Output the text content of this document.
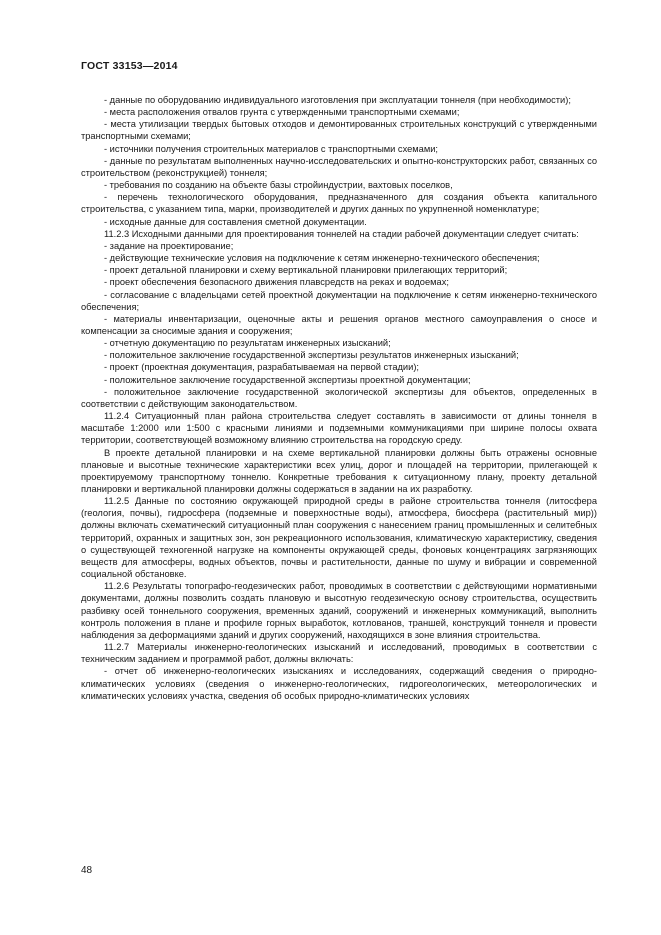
ГОСТ 33153—2014

- данные по оборудованию индивидуального изготовления при эксплуатации тоннеля (при необходимости);

- места расположения отвалов грунта с утвержденными транспортными схемами;

- места утилизации твердых бытовых отходов и демонтированных строительных конструкций с утвержденными транспортными схемами;

- источники получения строительных материалов с транспортными схемами;

- данные по результатам выполненных научно-исследовательских и опытно-конструкторских работ, связанных со строительством (реконструкцией) тоннеля;

- требования по созданию на объекте базы стройиндустрии, вахтовых поселков,

- перечень технологического оборудования, предназначенного для создания объекта капитального строительства, с указанием типа, марки, производителей и других данных по укрупненной номенклатуре;

- исходные данные для составления сметной документации.

11.2.3 Исходными данными для проектирования тоннелей на стадии рабочей документации следует считать:

- задание на проектирование;

- действующие технические условия на подключение к сетям инженерно-технического обеспечения;

- проект детальной планировки и схему вертикальной планировки прилегающих территорий;

- проект обеспечения безопасного движения плавсредств на реках и водоемах;

- согласование с владельцами сетей проектной документации на подключение к сетям инженерно-технического обеспечения;

- материалы инвентаризации, оценочные акты и решения органов местного самоуправления о сносе и компенсации за сносимые здания и сооружения;

- отчетную документацию по результатам инженерных изысканий;

- положительное заключение государственной экспертизы результатов инженерных изысканий;

- проект (проектная документация, разрабатываемая на первой стадии);

- положительное заключение государственной экспертизы проектной документации;

- положительное заключение государственной экологической экспертизы для объектов, определенных в соответствии с действующим законодательством.

11.2.4 Ситуационный план района строительства следует составлять в зависимости от длины тоннеля в масштабе 1:2000 или 1:500 с красными линиями и подземными коммуникациями при ширине полосы охвата территории, соответствующей возможному влиянию строительства на городскую среду.

В проекте детальной планировки и на схеме вертикальной планировки должны быть отражены основные плановые и высотные технические характеристики всех улиц, дорог и площадей на территории, прилегающей к проектируемому транспортному тоннелю. Конкретные требования к ситуационному плану, проекту детальной планировки и вертикальной планировки должны содержаться в задании на их разработку.

11.2.5 Данные по состоянию окружающей природной среды в районе строительства тоннеля (литосфера (геология, почвы), гидросфера (подземные и поверхностные воды), атмосфера, биосфера (растительный мир)) должны включать схематический ситуационный план сооружения с нанесением границ промышленных и селитебных территорий, охранных и защитных зон, зон рекреационного использования, климатическую характеристику, сведения о существующей техногенной нагрузке на компоненты окружающей среды, фоновых концентрациях загрязняющих веществ для атмосферы, водных объектов, почвы и растительности, данные по шуму и вибрации и современной социальной обстановке.

11.2.6 Результаты топографо-геодезических работ, проводимых в соответствии с действующими нормативными документами, должны позволить создать плановую и высотную геодезическую основу строительства, осуществить разбивку осей тоннельного сооружения, временных зданий, сооружений и инженерных коммуникаций, выполнить контроль положения в плане и профиле горных выработок, котлованов, траншей, конструкций тоннеля и провести наблюдения за деформациями зданий и других сооружений, находящихся в зоне влияния строительства.

11.2.7 Материалы инженерно-геологических изысканий и исследований, проводимых в соответствии с техническим заданием и программой работ, должны включать:

- отчет об инженерно-геологических изысканиях и исследованиях, содержащий сведения о природно-климатических условиях (сведения о инженерно-геологических, гидрогеологических, метеорологических и климатических условиях участка, сведения об особых природно-климатических условиях

48
